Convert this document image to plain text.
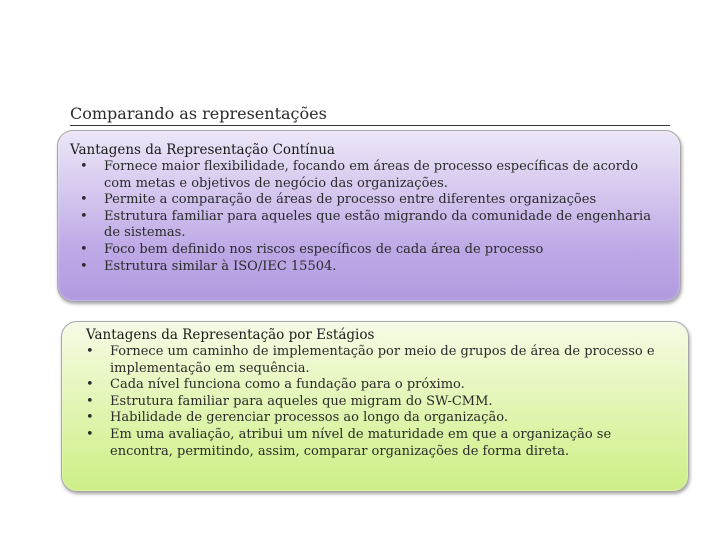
Comparando as representações
Vantagens da Representação Contínua
• Fornece maior flexibilidade, focando em áreas de processo específicas de acordo com metas e objetivos de negócio das organizações.
• Permite a comparação de áreas de processo entre diferentes organizações
• Estrutura familiar para aqueles que estão migrando da comunidade de engenharia de sistemas.
• Foco bem definido nos riscos específicos de cada área de processo
• Estrutura similar à ISO/IEC 15504.
Vantagens da Representação por Estágios
• Fornece um caminho de implementação por meio de grupos de área de processo e implementação em sequência.
• Cada nível funciona como a fundação para o próximo.
• Estrutura familiar para aqueles que migram do SW-CMM.
• Habilidade de gerenciar processos ao longo da organização.
• Em uma avaliação, atribui um nível de maturidade em que a organização se encontra, permitindo, assim, comparar organizações de forma direta.
